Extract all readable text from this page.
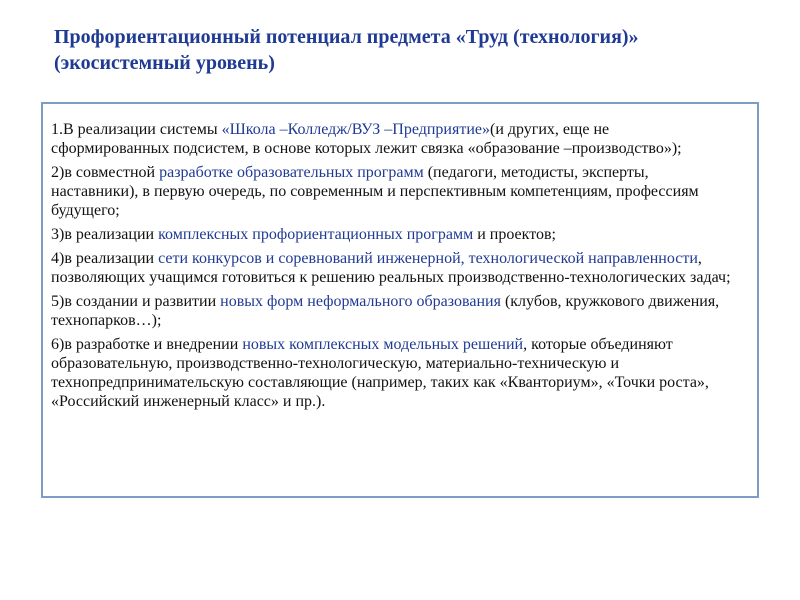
Профориентационный потенциал предмета «Труд (технология)»
(экосистемный уровень)
1.В реализации системы «Школа –Колледж/ВУЗ –Предприятие»(и других, еще не сформированных подсистем, в основе которых лежит связка «образование –производство»);
2)в совместной разработке образовательных программ (педагоги, методисты, эксперты, наставники), в первую очередь, по современным и перспективным компетенциям, профессиям будущего;
3)в реализации комплексных профориентационных программ и проектов;
4)в реализации сети конкурсов и соревнований инженерной, технологической направленности, позволяющих учащимся готовиться к решению реальных производственно-технологических задач;
5)в создании и развитии новых форм неформального образования (клубов, кружкового движения, технопарков…);
6)в разработке и внедрении новых комплексных модельных решений, которые объединяют образовательную, производственно-технологическую, материально-техническую и технопредпринимательскую составляющие (например, таких как «Кванториум», «Точки роста», «Российский инженерный класс» и пр.).
